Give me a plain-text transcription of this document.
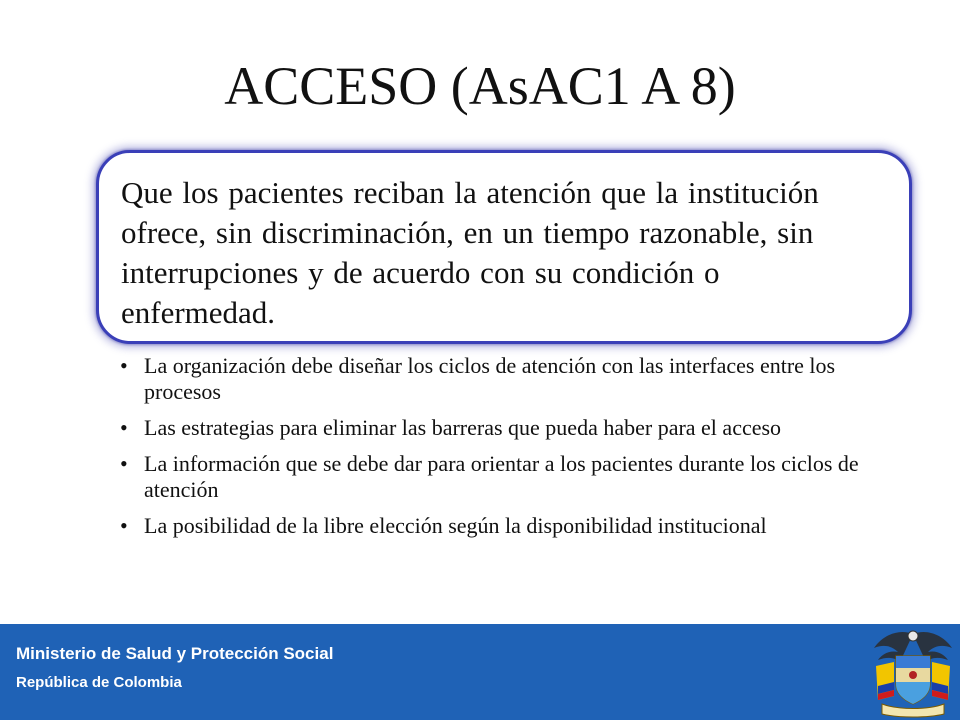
ACCESO (AsAC1 A 8)
Que los pacientes reciban la atención que la institución ofrece, sin discriminación, en un tiempo razonable, sin interrupciones y de acuerdo con su condición o enfermedad.
• La organización debe diseñar los ciclos de atención con las interfaces entre los procesos
• Las estrategias para eliminar las barreras que pueda haber para el acceso
• La información que se debe dar para orientar a los pacientes durante los ciclos de atención
• La posibilidad de la libre elección según la disponibilidad institucional
Ministerio de Salud y Protección Social
República de Colombia
